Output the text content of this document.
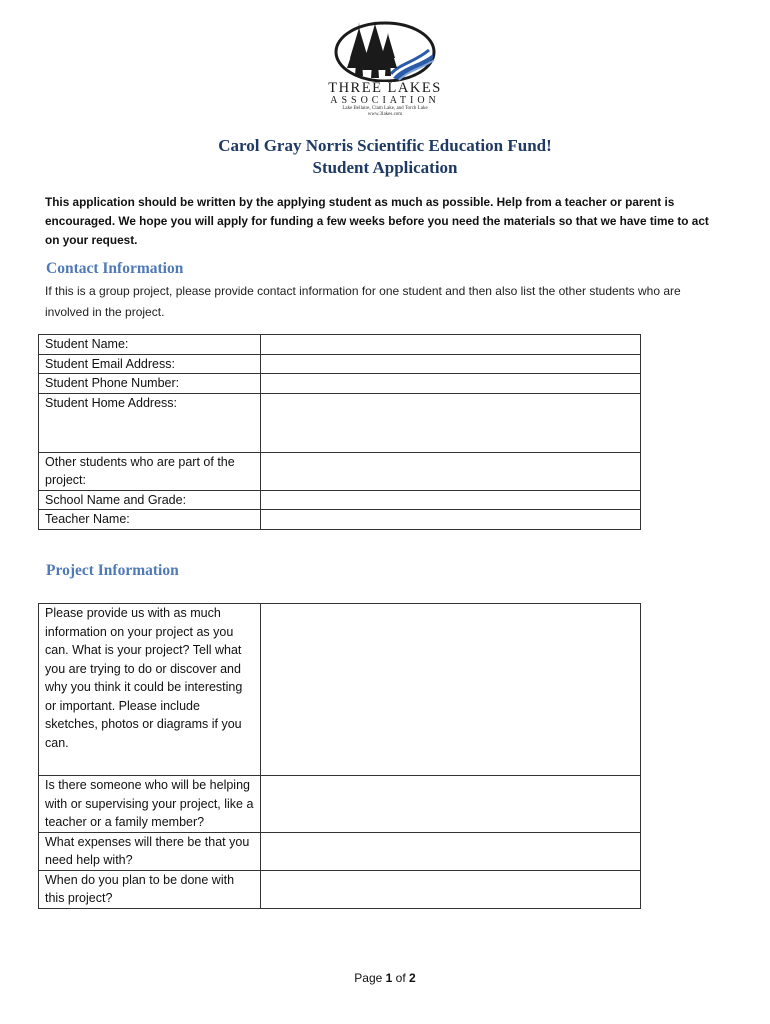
THREE LAKES
ASSOCIATION
Lake Bellaire, Clam Lake, and Torch Lake
www.3lakes.com
Carol Gray Norris Scientific Education Fund!
Student Application
This application should be written by the applying student as much as possible. Help from a teacher or parent is encouraged. We hope you will apply for funding a few weeks before you need the materials so that we have time to act on your request.
Contact Information
If this is a group project, please provide contact information for one student and then also list the other students who are involved in the project.
Student Name:	
Student Email Address:	
Student Phone Number:	
Student Home Address:	
Other students who are part of the project:	
School Name and Grade:	
Teacher Name:	
Project Information
Please provide us with as much information on your project as you can. What is your project? Tell what you are trying to do or discover and why you think it could be interesting or important. Please include sketches, photos or diagrams if you can.	
Is there someone who will be helping with or supervising your project, like a teacher or a family member?	
What expenses will there be that you need help with?	
When do you plan to be done with this project?	
Page 1 of 2
